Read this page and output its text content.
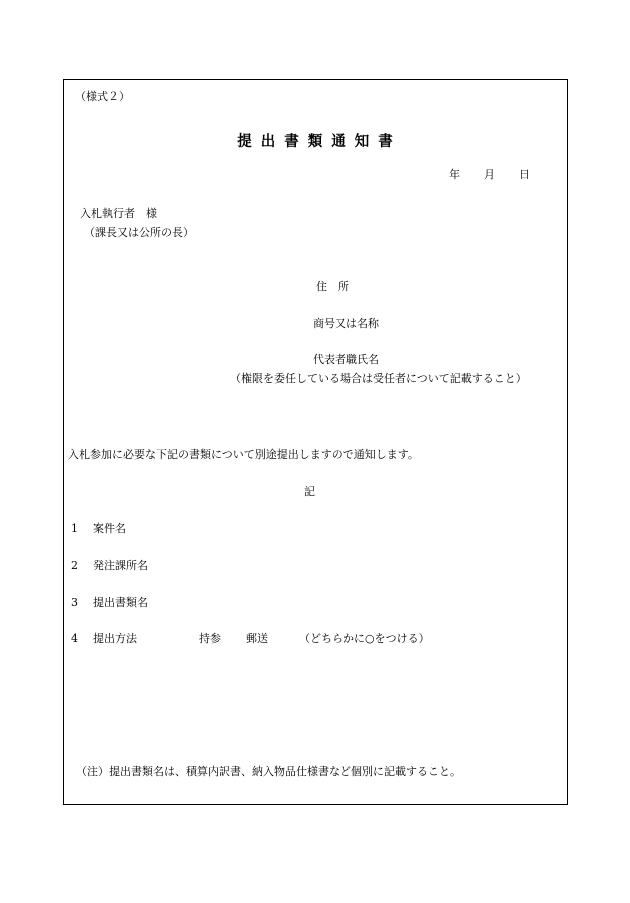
（様式２）
提出書類通知書
年 月 日
入札執行者　様
（課長又は公所の長）
住　所
商号又は名称
代表者職氏名
（権限を委任している場合は受任者について記載すること）
入札参加に必要な下記の書類について別途提出しますので通知します。
記
1 案件名
2 発注課所名
3 提出書類名
4 提出方法	持参 郵送	（どちらかに○をつける）
（注）提出書類名は、積算内訳書、納入物品仕様書など個別に記載すること。
